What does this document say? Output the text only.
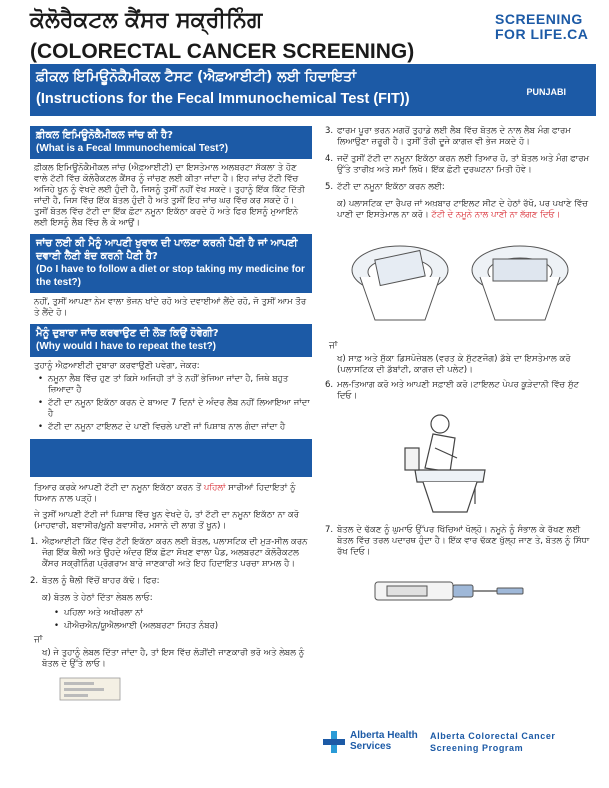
ਕੋਲੋਰੈਕਟਲ ਕੈਂਸਰ ਸਕ੍ਰੀਨਿੰਗ
(COLORECTAL CANCER SCREENING)
SCREENING
FOR LIFE.CA
ਫ਼ੀਕਲ ਇਮਿਊਨੋਕੈਮੀਕਲ ਟੈਸਟ (ਐਫ਼ਆਈਟੀ) ਲਈ ਹਿਦਾਇਤਾਂ
(Instructions for the Fecal Immunochemical Test (FIT))	PUNJABI
ਫ਼ੀਕਲ ਇਮਿਊਨੋਕੈਮੀਕਲ ਜਾਂਚ ਕੀ ਹੈ?
(What is a Fecal Immunochemical Test?)
ਫ਼ੀਕਲ ਇਮਿਊਨੋਕੈਮੀਕਲ ਜਾਂਚ (ਐਫ਼ਆਈਟੀ) ਦਾ ਇਸਤੇਮਾਲ ਅਲਬਰਟਾ ਸੱਕਲਾ ਤੇ ਹੋਣ ਵਾਲੇ ਟੱਟੀ ਵਿੱਚ ਕੋਲੋਰੈਕਟਲ ਕੈਂਸਰ ਨੂੰ ਜਾਂਚਣ ਲਈ ਕੀਤਾ ਜਾਂਦਾ ਹੈ। ਇਹ ਜਾਂਚ ਟੱਟੀ ਵਿੱਚ ਅਜਿਹੇ ਖੂਨ ਨੂੰ ਵੇਖਦੇ ਲਈ ਹੁੰਦੀ ਹੈ, ਜਿਸਨੂੰ ਤੁਸੀਂ ਨਹੀਂ ਵੇਖ ਸਕਦੇ। ਤੁਹਾਨੂੰ ਇੱਕ ਕਿੱਟ ਦਿੱਤੀ ਜਾਂਦੀ ਹੈ, ਜਿਸ ਵਿੱਚ ਇੱਕ ਬੋਤਲ ਹੁੰਦੀ ਹੈ ਅਤੇ ਤੁਸੀਂ ਇਹ ਜਾਂਚ ਘਰ ਵਿੱਚ ਕਰ ਸਕਦੇ ਹੋ। ਤੁਸੀਂ ਬੋਤਲ ਵਿੱਚ ਟੱਟੀ ਦਾ ਇੱਕ ਛੋਟਾ ਨਮੂਨਾ ਇਕੱਠਾ ਕਰਦੇ ਹੋ ਅਤੇ ਫਿਰ ਇਸਨੂੰ ਮੁਆਇਨੇ ਲਈ ਇਸਨੂੰ ਲੈਬ ਵਿੱਚ ਲੈ ਕੇ ਆਉਂ।
ਜਾਂਚ ਲਈ ਕੀ ਮੈਨੂੰ ਆਪਣੀ ਖੁਰਾਕ ਦੀ ਪਾਲਣਾ ਕਰਨੀ ਪੈਣੀ ਹੈ ਜਾਂ ਆਪਣੀ ਦਵਾਈ ਲੈਣੀ ਬੰਦ ਕਰਨੀ ਪੈਣੀ ਹੈ?
(Do I have to follow a diet or stop taking my medicine for the test?)
ਨਹੀਂ, ਤੁਸੀਂ ਆਪਣਾ ਨੇਮ ਵਾਲਾ ਭੋਜਨ ਖਾਂਦੇ ਰਹੋ ਅਤੇ ਦਵਾਈਆਂ ਲੈਂਦੇ ਰਹੋ, ਜੋ ਤੁਸੀਂ ਆਮ ਤੌਰ ਤੇ ਲੈਂਦੇ ਹੋ।
ਮੈਨੂੰ ਦੁਬਾਰਾ ਜਾਂਚ ਕਰਵਾਉਣ ਦੀ ਲੋੜ ਕਿਉਂ ਹੋਵੇਗੀ?
(Why would I have to repeat the test?)
ਤੁਹਾਨੂੰ ਐਫ਼ਆਈਟੀ ਦੁਬਾਰਾ ਕਰਵਾਉਣੀ ਪਵੇਗਾ, ਜੇਕਰ:
• ਨਮੂਨਾ ਲੈਬ ਵਿੱਚ ਹੁਣ ਤਾਂ ਕਿਸੇ ਅਜਿਹੀ ਤਾਂ ਤੇ ਨਹੀਂ ਭੇਜਿਆ ਜਾਂਦਾ ਹੈ, ਜਿਥੇ ਬਹੁਤ ਜ਼ਿਆਦਾ ਹੈ
• ਟੱਟੀ ਦਾ ਨਮੂਨਾ ਇਕੱਠਾ ਕਰਨ ਦੇ ਬਾਅਦ 7 ਦਿਨਾਂ ਦੇ ਅੰਦਰ ਲੈਬ ਨਹੀਂ ਲਿਆਇਆ ਜਾਂਦਾ ਹੈ
• ਟੱਟੀ ਦਾ ਨਮੂਨਾ ਟਾਇਲਟ ਦੇ ਪਾਣੀ ਵਿਚਲੇ ਪਾਣੀ ਜਾਂ ਪਿਸ਼ਾਬ ਨਾਲ ਗੰਦਾ ਜਾਂਦਾ ਹੈ
ਤਿਆਰ ਕਰਕੇ ਆਪਣੀ ਟੱਟੀ ਦਾ ਨਮੂਨਾ ਇਕੱਠਾ ਕਰਨ ਤੋਂ ਪਹਿਲਾਂ ਸਾਰੀਆਂ ਹਿਦਾਇਤਾਂ ਨੂੰ ਧਿਆਨ ਨਾਲ ਪੜ੍ਹੋ।
ਜੇ ਤੁਸੀਂ ਆਪਣੀ ਟੱਟੀ ਜਾਂ ਪਿਸ਼ਾਬ ਵਿੱਚ ਖੂਨ ਵੇਖਦੇ ਹੋ, ਤਾਂ ਟੱਟੀ ਦਾ ਨਮੂਨਾ ਇਕੱਠਾ ਨਾ ਕਰੋ (ਮਾਹਵਾਰੀ, ਬਵਾਸੀਰ/ਖ਼ੂਨੀ ਬਵਾਸੀਰ, ਮਸਾਨੇ ਦੀ ਲਾਗ ਤੋਂ ਖੂਨ)।
1. ਐਫ਼ਆਈਟੀ ਕਿੱਟ ਵਿੱਚ ਟੱਟੀ ਇਕੱਠਾ ਕਰਨ ਲਈ ਬੋਤਲ, ਪਲਾਸਟਿਕ ਦੀ ਮੁੜ-ਸੀਲ ਕਰਨ ਜੋਗ ਇੱਕ ਥੈਲੀ ਅਤੇ ਉਹਦੇ ਅੰਦਰ ਇੱਕ ਛੋਟਾ ਸੋਖਣ ਵਾਲਾ ਪੈਡ, ਅਲਬਰਟਾ ਕੋਲੋਰੈਕਟਲ ਕੈਂਸਰ ਸਕ੍ਰੀਨਿੰਗ ਪ੍ਰੋਗਰਾਮ ਬਾਰੇ ਜਾਣਕਾਰੀ ਅਤੇ ਇਹ ਹਿਦਾਇਤ ਪਰਚਾ ਸ਼ਾਮਲ ਹੈ।
2. ਬੋਤਲ ਨੂੰ ਥੈਲੀ ਵਿੱਚੋਂ ਬਾਹਰ ਕੱਢੋ। ਫਿਰ:
ਕ) ਬੋਤਲ ਤੇ ਹੇਠਾਂ ਦਿੱਤਾ ਲੇਬਲ ਲਾਓ:
• ਪਹਿਲਾ ਅਤੇ ਅਖੀਰਲਾ ਨਾਂ
• ਪੀਐਚਐਨ/ਯੂਐਲਆਈ (ਅਲਬਰਟਾ ਸਿਹਤ ਨੰਬਰ)
ਜਾਂ
ਖ) ਜੇ ਤੁਹਾਨੂੰ ਲੇਬਲ ਦਿੱਤਾ ਜਾਂਦਾ ਹੈ, ਤਾਂ ਇਸ ਵਿੱਚ ਲੋੜੀਂਦੀ ਜਾਣਕਾਰੀ ਭਰੋ ਅਤੇ ਲੇਬਲ ਨੂੰ ਬੋਤਲ ਦੇ ਉੱਤੇ ਲਾਓ।
3. ਫਾਰਮ ਪੂਰਾ ਭਰਨ ਮਗਰੋਂ ਤੁਹਾਡੇ ਲਈ ਲੈਬ ਵਿੱਚ ਬੋਤਲ ਦੇ ਨਾਲ ਲੈਬ ਮੰਗ ਫਾਰਮ ਲਿਆਉਣਾ ਜ਼ਰੂਰੀ ਹੈ। ਤੁਸੀਂ ਤੌਰੀ ਦੂਜੇ ਕਾਗਜ਼ ਵੀ ਭੇਜ ਸਕਦੇ ਹੋ।
4. ਜਦੋਂ ਤੁਸੀਂ ਟੱਟੀ ਦਾ ਨਮੂਨਾ ਇਕੱਠਾ ਕਰਨ ਲਈ ਤਿਆਰ ਹੋ, ਤਾਂ ਬੋਤਲ ਅਤੇ ਮੰਗ ਫਾਰਮ ਉੱਤੇ ਤਾਰੀਖ਼ ਅਤੇ ਸਮਾਂ ਲਿਖੋ। ਇੱਕ ਛੋਟੀ ਦੁਰਘਟਨਾ ਮਿਤੀ ਹੋਵੇ।
5. ਟੱਟੀ ਦਾ ਨਮੂਨਾ ਇਕੱਠਾ ਕਰਨ ਲਈ:
ਕ) ਪਲਾਸਟਿਕ ਦਾ ਰੈਪਰ ਜਾਂ ਅਖ਼ਬਾਰ ਟਾਇਲਟ ਸੀਟ ਦੇ ਹੇਠਾਂ ਰੱਖੋ, ਪਰ ਪਖਾਣੇ ਵਿੱਚ ਪਾਣੀ ਦਾ ਇਸਤੇਮਾਲ ਨਾ ਕਰੋ। ਟੱਟੀ ਦੇ ਨਮੂਨੇ ਨਾਲ ਪਾਣੀ ਨਾ ਲੱਗਣ ਦਿਓ।
ਜਾਂ
ਖ) ਸਾਫ਼ ਅਤੇ ਸੁੱਕਾ ਡਿਸਪੋਜ਼ੇਬਲ (ਵਰਤ ਕੇ ਸੁੱਟਣਜੋਗ) ਡੱਬੇ ਦਾ ਇਸਤੇਮਾਲ ਕਰੋ (ਪਲਾਸਟਿਕ ਦੀ ਡੱਬਾਂਟੀ, ਕਾਗਜ਼ ਦੀ ਪਲੇਟ)।
6. ਮਲ-ਤਿਆਗ ਕਰੋ ਅਤੇ ਆਪਣੀ ਸਫ਼ਾਈ ਕਰੋ।ਟਾਇਲਟ ਪੇਪਰ ਕੂੜੇਦਾਨੀ ਵਿੱਚ ਸੁੱਟ ਦਿਓ।
7. ਬੋਤਲ ਦੇ ਢੱਕਣ ਨੂੰ ਘੁਮਾਓ ਉੱਪਰ ਖਿੱਚਿਆਂ ਖੋਲ੍ਹੋ। ਨਮੂਨੇ ਨੂੰ ਸੰਭਾਲ ਕੇ ਰੱਖਣ ਲਈ ਬੋਤਲ ਵਿੱਚ ਤਰਲ ਪਦਾਰਥ ਹੁੰਦਾ ਹੈ। ਇੱਕ ਵਾਰ ਢੱਕਣ ਖੁੱਲ੍ਹ ਜਾਣ ਤੇ, ਬੋਤਲ ਨੂੰ ਸਿੱਧਾ ਰੱਖ ਦਿਓ।
Alberta Health
Services
Alberta Colorectal Cancer
Screening Program
